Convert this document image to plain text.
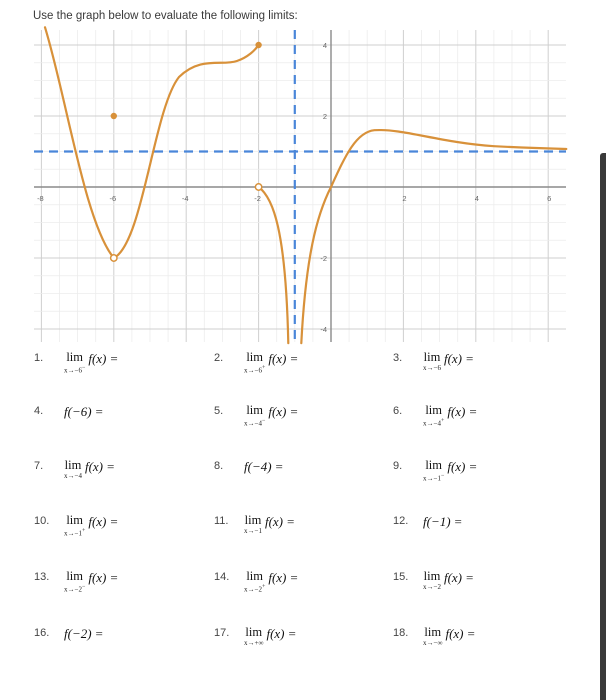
Use the graph below to evaluate the following limits:
-8	-6	-4	-2	2	4	6
4
2
-2
-4
1. lim
x→−6−
f(x) =	2. lim
x→−6+
f(x) =	3. lim
x→−6
f(x) =
4. f(−6) =	5. lim
x→−4−
f(x) =	6. lim
x→−4+
f(x) =
7. lim
x→−4
f(x) =	8. f(−4) =	9. lim
x→−1−
f(x) =
10. lim
x→−1+
f(x) =	11. lim
x→−1
f(x) =	12. f(−1) =
13. lim
x→−2−
f(x) =	14. lim
x→−2+
f(x) =	15. lim
x→−2
f(x) =
16. f(−2) =	17. lim
x→+∞
f(x) =	18. lim
x→−∞
f(x) =
